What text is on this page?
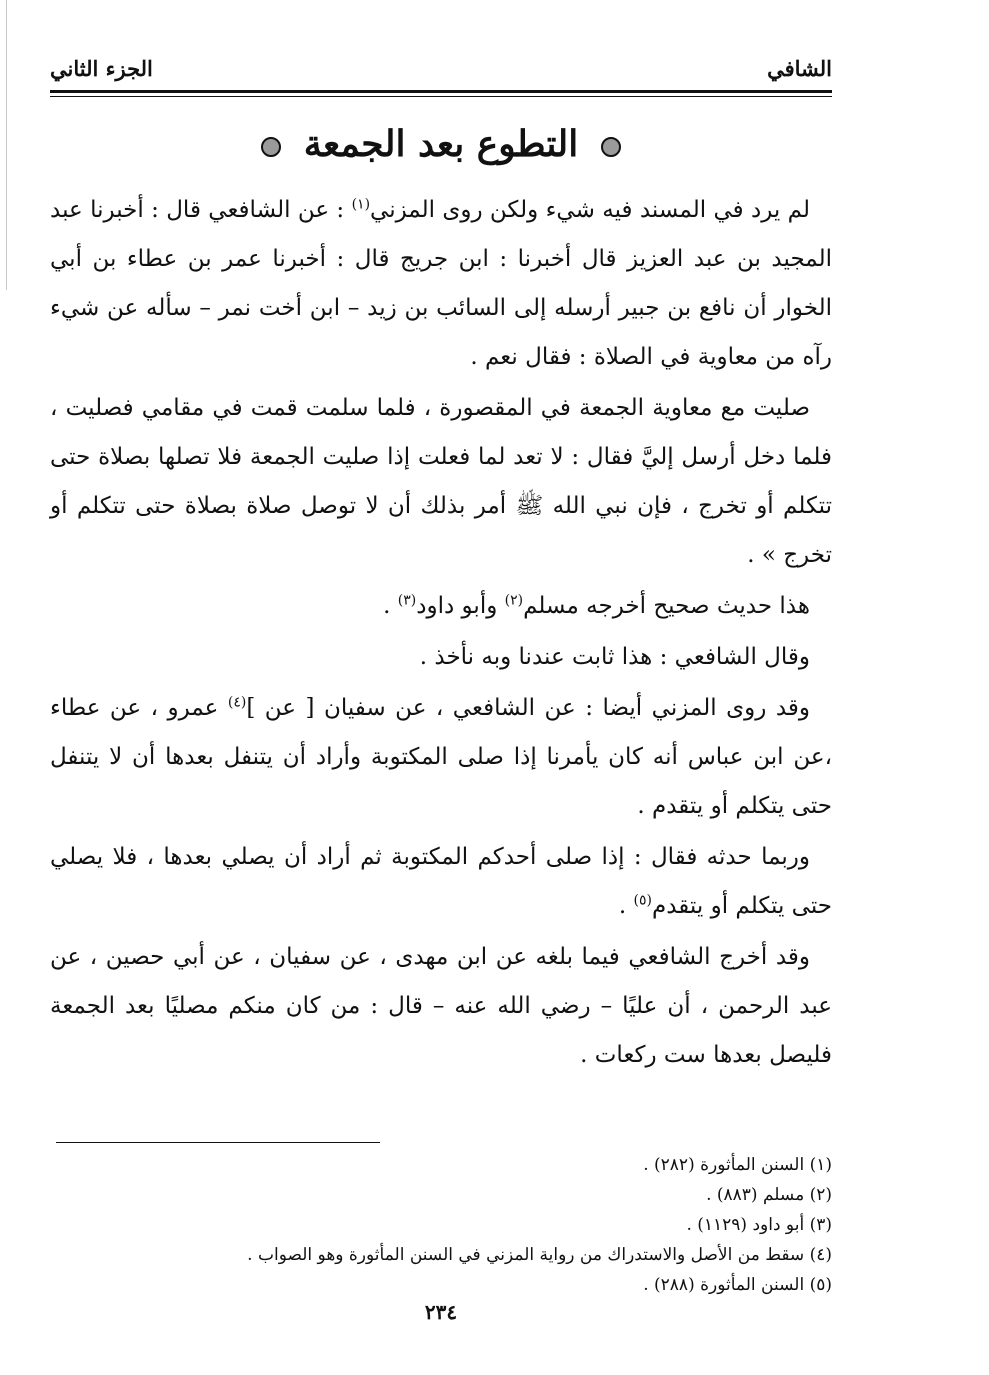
الشافي
الجزء الثاني
التطوع بعد الجمعة

لم يرد في المسند فيه شيء ولكن روى المزني$^{(١)}$ : عن الشافعي قال : أخبرنا عبد المجيد بن عبد العزيز قال أخبرنا : ابن جريج قال : أخبرنا عمر بن عطاء بن أبي الخوار أن نافع بن جبير أرسله إلى السائب بن زيد – ابن أخت نمر – سأله عن شيء رآه من معاوية في الصلاة : فقال نعم .

صليت مع معاوية الجمعة في المقصورة ، فلما سلمت قمت في مقامي فصليت ، فلما دخل أرسل إليَّ فقال : لا تعد لما فعلت إذا صليت الجمعة فلا تصلها بصلاة حتى تتكلم أو تخرج ، فإن نبي الله ﷺ أمر بذلك أن لا توصل صلاة بصلاة حتى تتكلم أو تخرج » .

هذا حديث صحيح أخرجه مسلم$^{(٢)}$ وأبو داود$^{(٣)}$ .

وقال الشافعي : هذا ثابت عندنا وبه نأخذ .

وقد روى المزني أيضا : عن الشافعي ، عن سفيان [ عن ]$^{(٤)}$ عمرو ، عن عطاء ،عن ابن عباس أنه كان يأمرنا إذا صلى المكتوبة وأراد أن يتنفل بعدها أن لا يتنفل حتى يتكلم أو يتقدم .

وربما حدثه فقال : إذا صلى أحدكم المكتوبة ثم أراد أن يصلي بعدها ، فلا يصلي حتى يتكلم أو يتقدم$^{(٥)}$ .

وقد أخرج الشافعي فيما بلغه عن ابن مهدى ، عن سفيان ، عن أبي حصين ، عن عبد الرحمن ، أن عليًا – رضي الله عنه – قال : من كان منكم مصليًا بعد الجمعة فليصل بعدها ست ركعات .

(١) السنن المأثورة (٢٨٢) .
(٢) مسلم (٨٨٣) .
(٣) أبو داود (١١٢٩) .
(٤) سقط من الأصل والاستدراك من رواية المزني في السنن المأثورة وهو الصواب .
(٥) السنن المأثورة (٢٨٨) .
٢٣٤
